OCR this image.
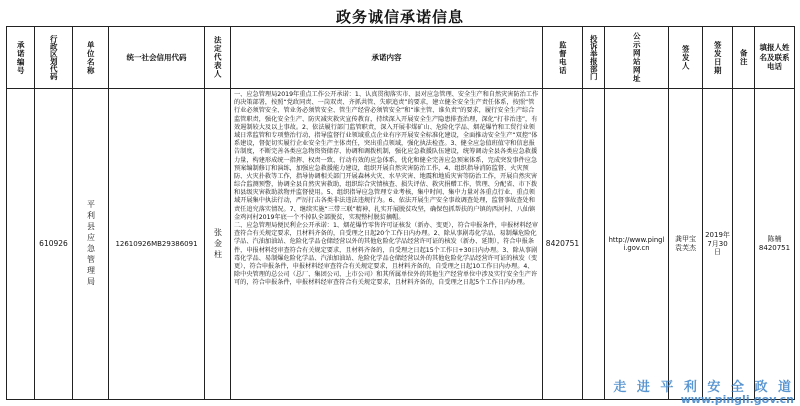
政务诚信承诺信息
承诺编号	行政区划代码	单位名称	统一社会信用代码	法定代表人	承诺内容	监督电话	投诉举报部门	公示网站网址	签发人	签发日期	备注	填报人姓名及联系电话
	610926	平利县应急管理局	12610926MB29386091	张金柱	一、应急管理局2019年重点工作公开承诺：1、认真贯彻落实市、县对应急管理、安全生产和自然灾害防治工作的决策部署，按照“党政同责、一岗双责、齐抓共管、失职追责”的要求，建立健全安全生产责任体系，按照“管行业必须管安全、管业务必须管安全、管生产经营必须管安全”和“谁主管、谁负责”的要求，履行安全生产综合监管职责，强化安全生产、防灾减灾救灾宣传教育，持续深入开展安全生产隐患排查治理，深化“打非治违”，有效遏制较大及以上事故。2、依法履行部门监管职责，深入开展非煤矿山、危险化学品、烟花爆竹和工贸行业领域日常监管和专项整治行动，指导监督行业领域重点企业有序开展安全标准化建设，全面推动安全生产“双控”体系建设，督促切实履行企业安全生产主体责任，突出重点领域，强化执法检查。3、健全应急值班值守和信息报告制度，不断完善各类应急物资资储存、协调和调拨机制，强化应急救援队伍建设，统筹调动全县各类应急救援力量，构建形成统一指挥、权责一致、行动有效的应急体系，优化和健全完善应急预案体系，完成突发事件应急预案编制修订和演练，加强应急救援能力建设，组织开展自然灾害防治工作，4、组织指导消防监督、火灾预防、火灾扑救等工作，指导协调相关部门开展森林火灾、水旱灾害、地震和地质灾害等防治工作，开展自然灾害综合监测预警，协调全县自然灾害救助，组织综合灾情核查、损失评估、救灾捐赠工作，管理、分配省、市下拨和县级灾害救助款物并监督使用。5、组织指导应急管理专业考核，集中时间、集中力量对各重点行业、重点领域开展集中执法行动，严厉打击各类非法违法违规行为。6、依法开展生产安全事故调查处理，监督事故查处和责任追究落实情况。7、继续实施“三带三联”精神，扎实开展脱贫攻坚，确保包抓帮扶的户镇的西河村、八仙镇金鸡河村2019年底一个不掉队全部脱贫，实现整村脱贫摘帽。

二、应急管理局便民利企公开承诺：1、烟花爆竹零售许可证核发（新办、变更），符合申报条件，申报材料经审查符合有关规定要求，且材料齐备的，自受理之日起20个工作日内办理。2、除从事剧毒化学品、易制爆危险化学品、汽油加油站、危险化学品仓储经营以外的其他危险化学品经营许可证的核发（新办、延期），符合申报条件，申报材料经审查符合有关规定要求，且材料齐备的，自受理之日起15个工作日+30日内办理。3、除从事剧毒化学品、易制爆危险化学品、汽油加油站、危险化学品仓储经营以外的其他危险化学品经营许可证的核发（变更），符合申报条件，申报材料经审查符合有关规定要求，且材料齐备的，自受理之日起10工作日内办理。4、除中央管理的总公司（总厂、集团公司、上市公司）和其所属单位外的其他生产经营单位中涉及实行安全生产许可的，符合申报条件，申报材料经审查符合有关规定要求，且材料齐备的，自受理之日起5个工作日内办理。	8420751		http://www.pingli.gov.cn	龚甲宝 袁芙杰	2019年7月30日		陈楠 8420751
走 进 平 利 安 全 政 道
www.pingli.gov.cn
